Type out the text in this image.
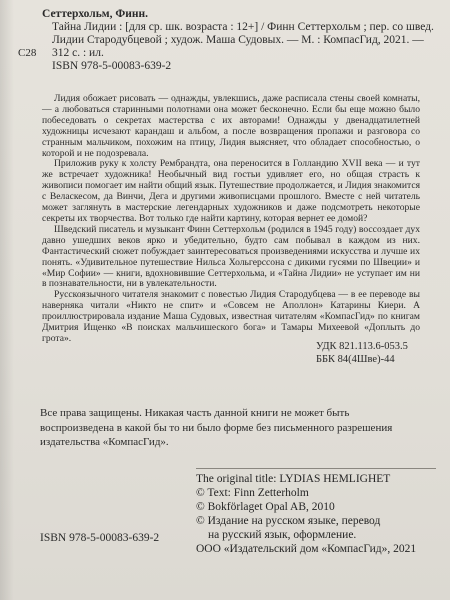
Сеттерхольм, Финн.
Тайна Лидии : [для ср. шк. возраста : 12+] / Финн Сеттерхольм ; пер. со швед.
Лидии Стародубцевой ; худож. Маша Судовых. — М. : КомпасГид, 2021. —
312 с. : ил.
ISBN 978-5-00083-639-2
С28

Лидия обожает рисовать — однажды, увлекшись, даже расписала стены своей комнаты, — а любоваться старинными полотнами она может бесконечно. Если бы еще можно было побеседовать о секретах мастерства с их авторами! Однажды у двенадцатилетней художницы исчезают карандаш и альбом, а после возвращения пропажи и разговора со странным мальчиком, похожим на птицу, Лидия выясняет, что обладает способностью, о которой и не подозревала.

Приложив руку к холсту Рембрандта, она переносится в Голландию XVII века — и тут же встречает художника! Необычный вид гостьи удивляет его, но общая страсть к живописи помогает им найти общий язык. Путешествие продолжается, и Лидия знакомится с Веласкесом, да Винчи, Дега и другими живописцами прошлого. Вместе с ней читатель может заглянуть в мастерские легендарных художников и даже подсмотреть некоторые секреты их творчества. Вот только где найти картину, которая вернет ее домой?

Шведский писатель и музыкант Финн Сеттерхольм (родился в 1945 году) воссоздает дух давно ушедших веков ярко и убедительно, будто сам побывал в каждом из них. Фантастический сюжет побуждает заинтересоваться произведениями искусства и лучше их понять. «Удивительное путешествие Нильса Хольгерссона с дикими гусями по Швеции» и «Мир Софии» — книги, вдохновившие Сеттерхольма, и «Тайна Лидии» не уступает им ни в познавательности, ни в увлекательности.

Русскоязычного читателя знакомит с повестью Лидия Стародубцева — в ее переводе вы наверняка читали «Никто не спит» и «Совсем не Аполлон» Катарины Киери. А проиллюстрировала издание Маша Судовых, известная читателям «КомпасГид» по книгам Дмитрия Ищенко «В поисках мальчишеского бога» и Тамары Михеевой «Доплыть до грота».

УДК 821.113.6-053.5
ББК 84(4Шве)-44
Все права защищены. Никакая часть данной книги не может быть воспроизведена в какой бы то ни было форме без письменного разрешения издательства «КомпасГид».
The original title: LYDIAS HEMLIGHET
© Text: Finn Zetterholm
© Bokförlaget Opal AB, 2010
© Издание на русском языке, перевод
на русский язык, оформление.
ООО «Издательский дом «КомпасГид», 2021
ISBN 978-5-00083-639-2
